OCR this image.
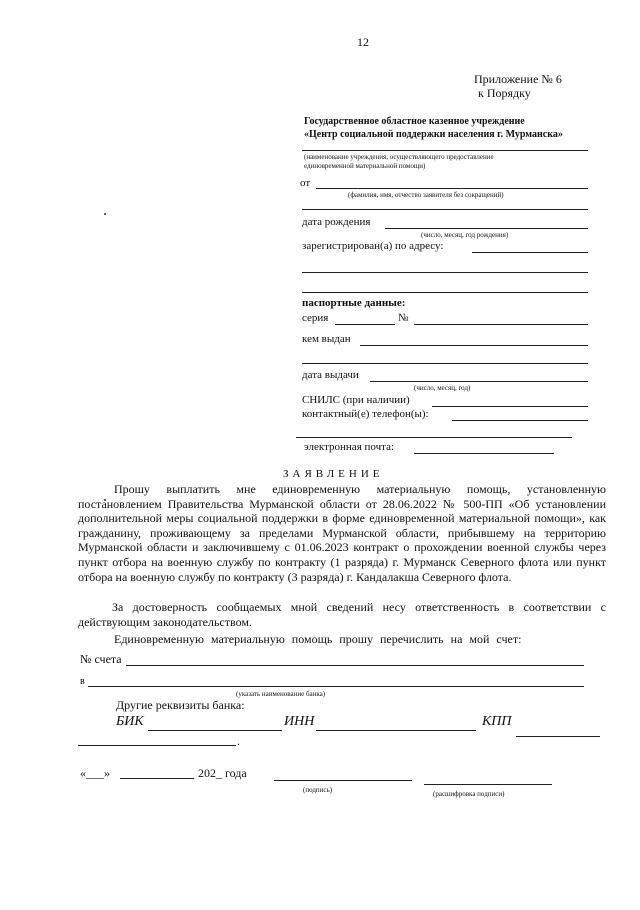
12
Приложение № 6
к Порядку
Государственное областное казенное учреждение
«Центр социальной поддержки населения г. Мурманска»
(наименование учреждения, осуществляющего предоставление
единовременной материальной помощи)
от
(фамилия, имя, отчество заявителя без сокращений)
дата рождения
(число, месяц, год рождения)
зарегистрирован(а) по адресу:
паспортные данные:
серия	№
кем выдан
дата выдачи
(число, месяц, год)
СНИЛС (при наличии)
контактный(е) телефон(ы):
электронная почта:
ЗАЯВЛЕНИЕ
Прошу выплатить мне единовременную материальную помощь, установленную постановлением Правительства Мурманской области от 28.06.2022 № 500-ПП «Об установлении дополнительной меры социальной поддержки в форме единовременной материальной помощи», как гражданину, проживающему за пределами Мурманской области, прибывшему на территорию Мурманской области и заключившему с 01.06.2023 контракт о прохождении военной службы через пункт отбора на военную службу по контракту (1 разряда) г. Мурманск Северного флота или пункт отбора на военную службу по контракту (3 разряда) г. Кандалакша Северного флота.
За достоверность сообщаемых мной сведений несу ответственность в соответствии с действующим законодательством.
Единовременную материальную помощь прошу перечислить на мой счет:
№ счета
в
(указать наименование банка)
Другие реквизиты банка:
БИК	ИНН	КПП
.
«___»	202_ года
(подпись)	(расшифровка подписи)
